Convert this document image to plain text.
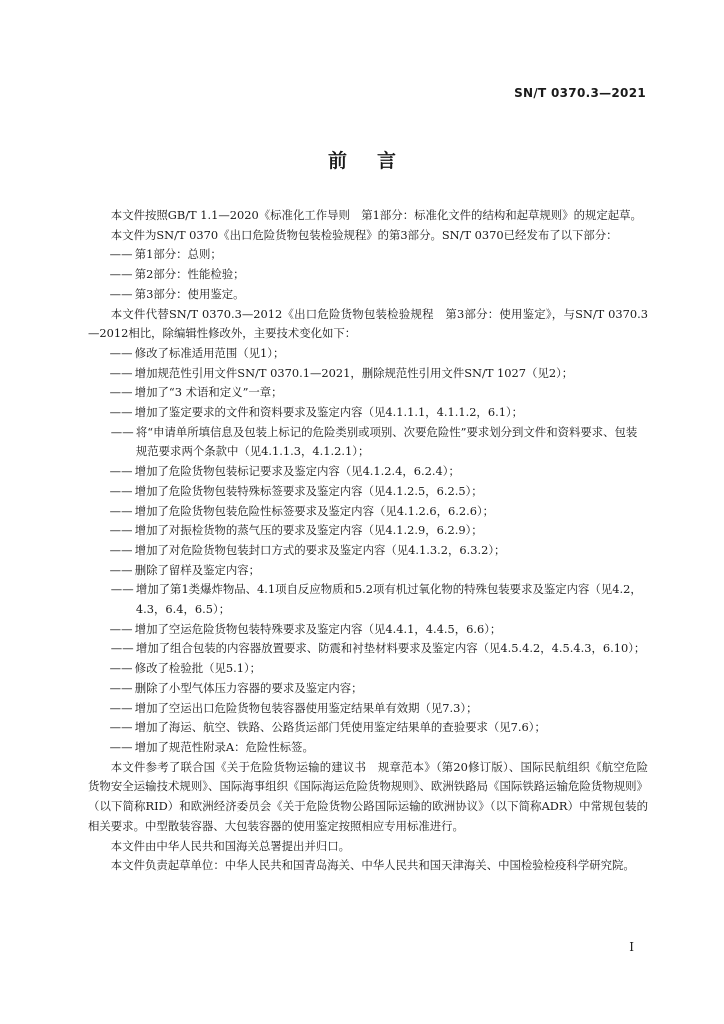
SN/T 0370.3—2021
前言

本文件按照GB/T 1.1—2020《标准化工作导则　第1部分：标准化文件的结构和起草规则》的规定起草。

本文件为SN/T 0370《出口危险货物包装检验规程》的第3部分。SN/T 0370已经发布了以下部分：

—— 第1部分：总则；

—— 第2部分：性能检验；

—— 第3部分：使用鉴定。

本文件代替SN/T 0370.3—2012《出口危险货物包装检验规程　第3部分：使用鉴定》，与SN/T 0370.3—2012相比，除编辑性修改外，主要技术变化如下：

—— 修改了标准适用范围（见1）；

—— 增加规范性引用文件SN/T 0370.1—2021，删除规范性引用文件SN/T 1027（见2）；

—— 增加了“3 术语和定义”一章；

—— 增加了鉴定要求的文件和资料要求及鉴定内容（见4.1.1.1，4.1.1.2，6.1）；

—— 将“申请单所填信息及包装上标记的危险类别或项别、次要危险性”要求划分到文件和资料要求、包装规范要求两个条款中（见4.1.1.3，4.1.2.1）；

—— 增加了危险货物包装标记要求及鉴定内容（见4.1.2.4，6.2.4）；

—— 增加了危险货物包装特殊标签要求及鉴定内容（见4.1.2.5，6.2.5）；

—— 增加了危险货物包装危险性标签要求及鉴定内容（见4.1.2.6，6.2.6）；

—— 增加了对振检货物的蒸气压的要求及鉴定内容（见4.1.2.9，6.2.9）；

—— 增加了对危险货物包装封口方式的要求及鉴定内容（见4.1.3.2，6.3.2）；

—— 删除了留样及鉴定内容；

—— 增加了第1类爆炸物品、4.1项自反应物质和5.2项有机过氧化物的特殊包装要求及鉴定内容（见4.2，4.3，6.4，6.5）；

—— 增加了空运危险货物包装特殊要求及鉴定内容（见4.4.1，4.4.5，6.6）；

—— 增加了组合包装的内容器放置要求、防震和衬垫材料要求及鉴定内容（见4.5.4.2，4.5.4.3，6.10）；

—— 修改了检验批（见5.1）；

—— 删除了小型气体压力容器的要求及鉴定内容；

—— 增加了空运出口危险货物包装容器使用鉴定结果单有效期（见7.3）；

—— 增加了海运、航空、铁路、公路货运部门凭使用鉴定结果单的查验要求（见7.6）；

—— 增加了规范性附录A：危险性标签。

本文件参考了联合国《关于危险货物运输的建议书　规章范本》（第20修订版）、国际民航组织《航空危险货物安全运输技术规则》、国际海事组织《国际海运危险货物规则》、欧洲铁路局《国际铁路运输危险货物规则》（以下简称RID）和欧洲经济委员会《关于危险货物公路国际运输的欧洲协议》（以下简称ADR）中常规包装的相关要求。中型散装容器、大包装容器的使用鉴定按照相应专用标准进行。

本文件由中华人民共和国海关总署提出并归口。

本文件负责起草单位：中华人民共和国青岛海关、中华人民共和国天津海关、中国检验检疫科学研究院。

I
